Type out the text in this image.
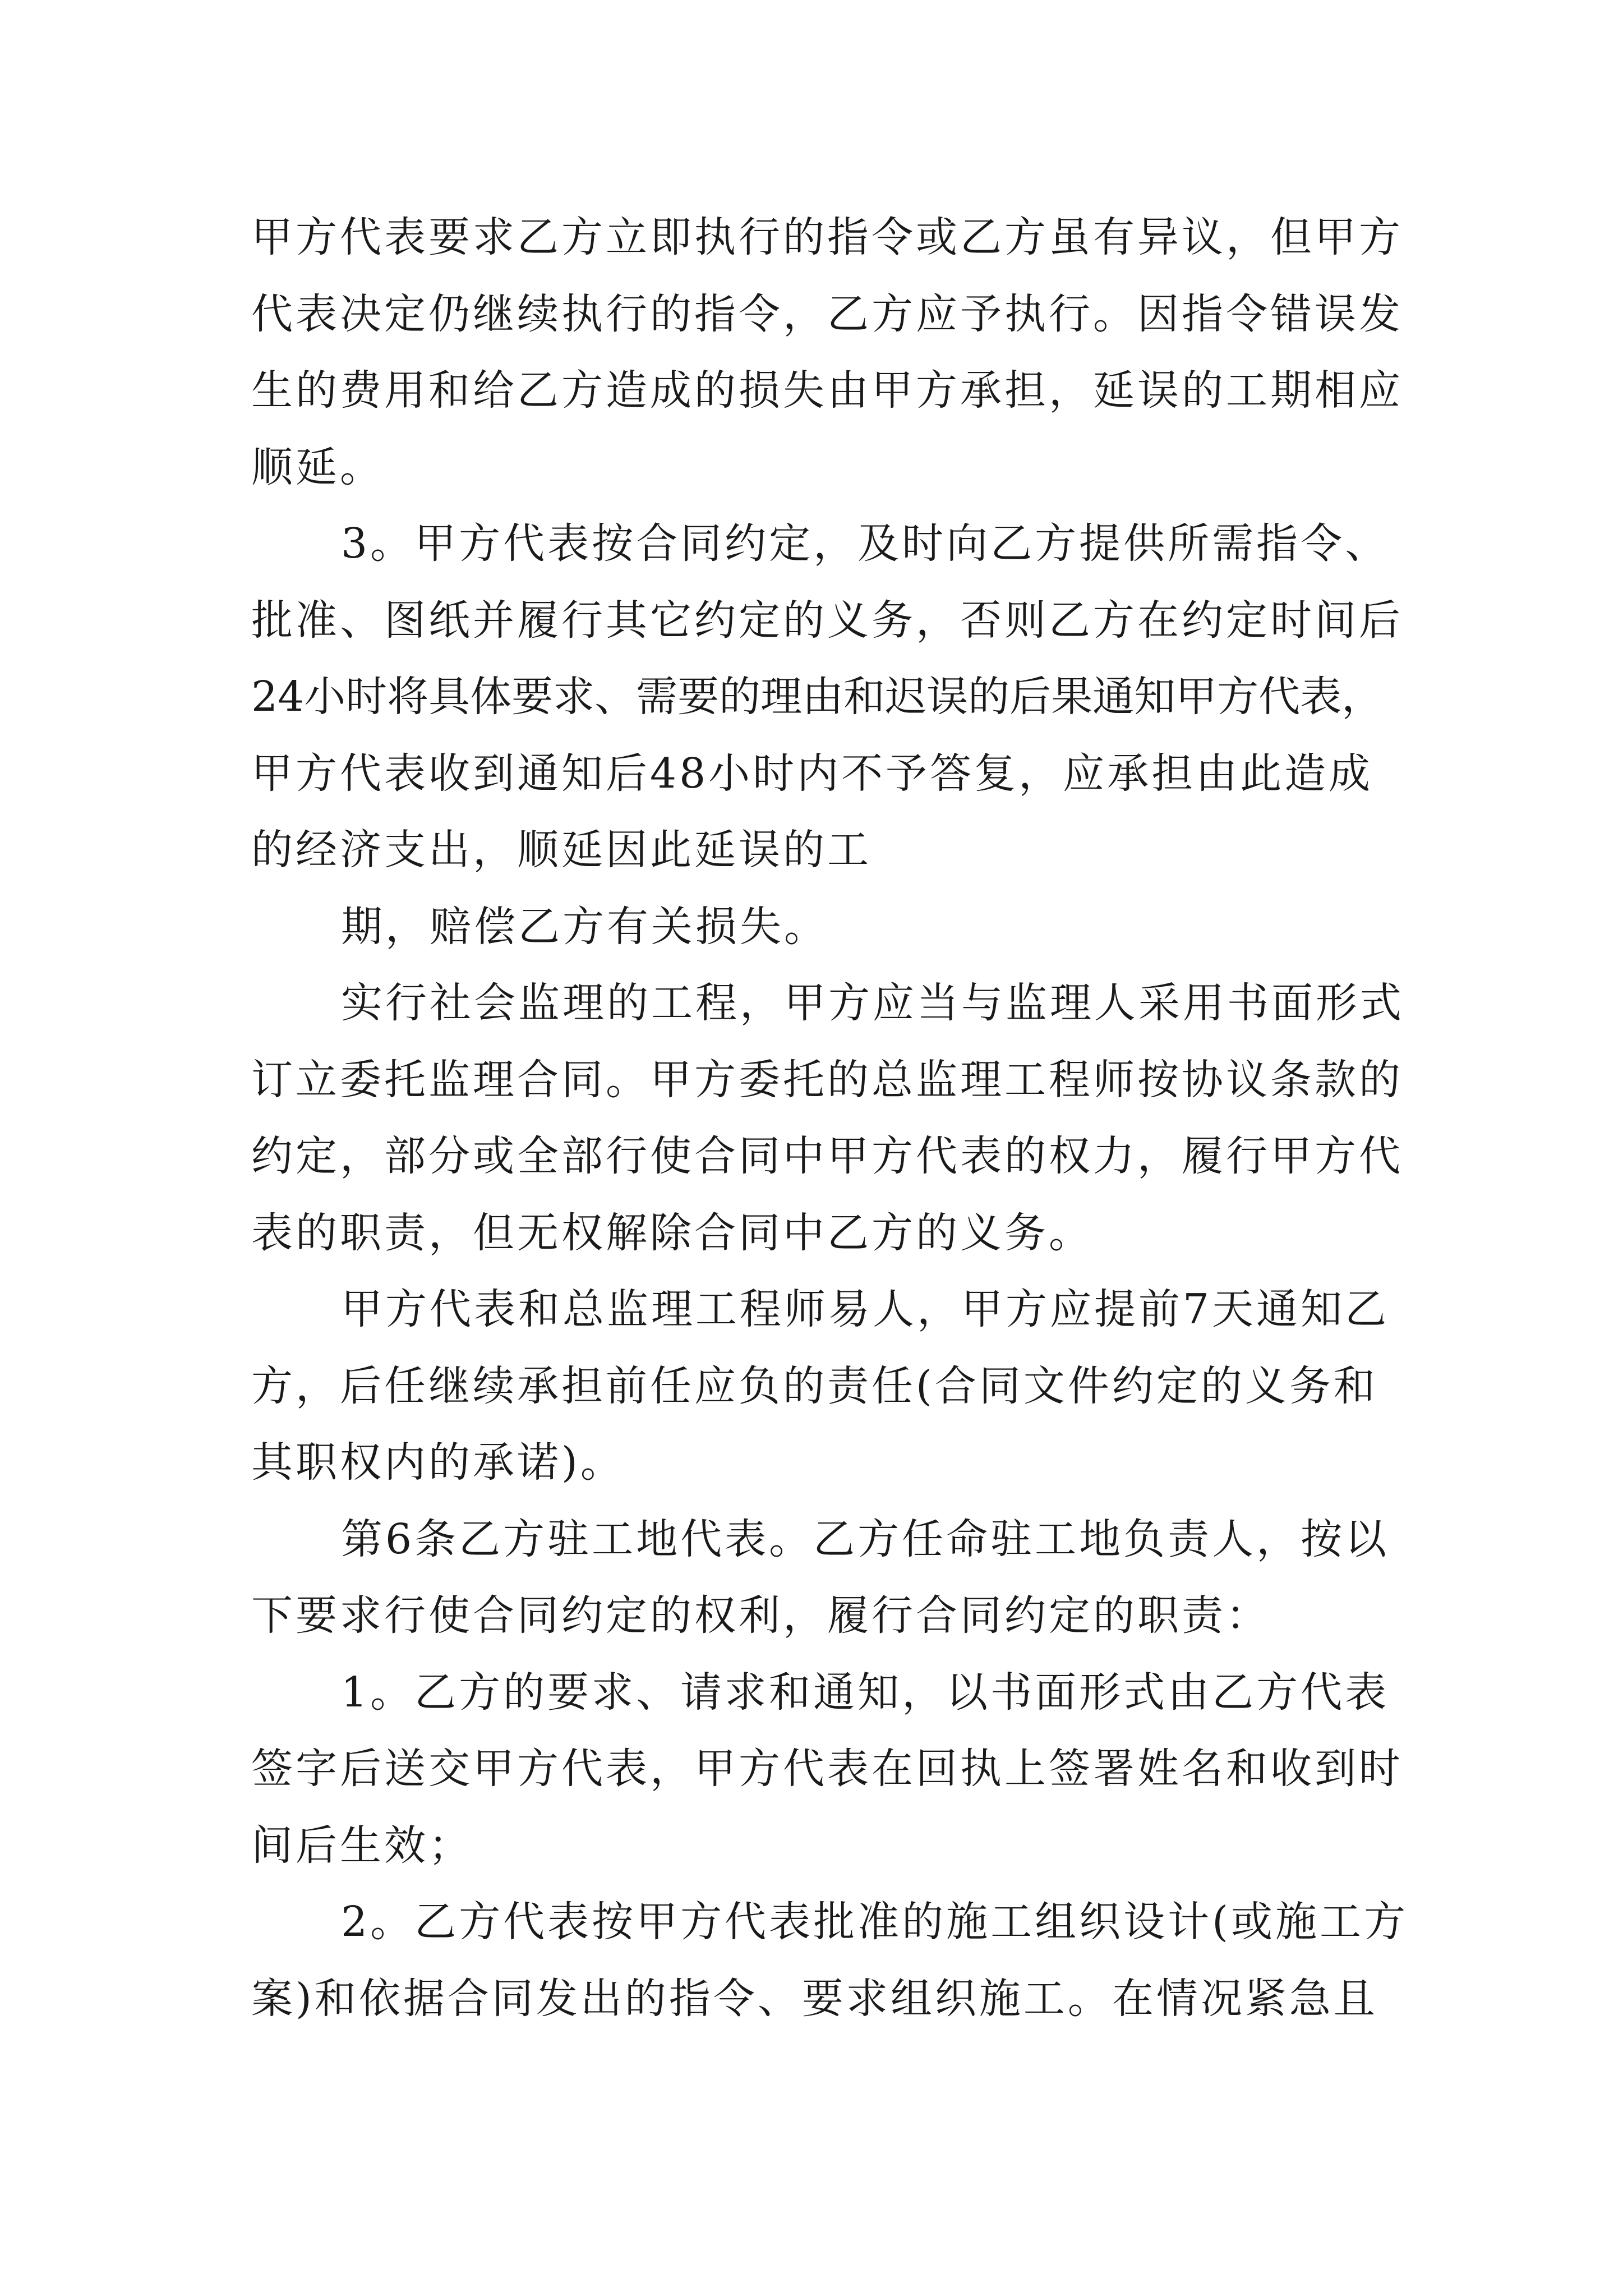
甲方代表要求乙方立即执行的指令或乙方虽有异议，但甲方
代表决定仍继续执行的指令，乙方应予执行。因指令错误发
生的费用和给乙方造成的损失由甲方承担，延误的工期相应
顺延。
3。甲方代表按合同约定，及时向乙方提供所需指令、
批准、图纸并履行其它约定的义务，否则乙方在约定时间后
24小时将具体要求、需要的理由和迟误的后果通知甲方代表，
甲方代表收到通知后48小时内不予答复，应承担由此造成
的经济支出，顺延因此延误的工
期，赔偿乙方有关损失。
实行社会监理的工程，甲方应当与监理人采用书面形式
订立委托监理合同。甲方委托的总监理工程师按协议条款的
约定，部分或全部行使合同中甲方代表的权力，履行甲方代
表的职责，但无权解除合同中乙方的义务。
甲方代表和总监理工程师易人，甲方应提前7天通知乙
方，后任继续承担前任应负的责任(合同文件约定的义务和
其职权内的承诺)。
第6条乙方驻工地代表。乙方任命驻工地负责人，按以
下要求行使合同约定的权利，履行合同约定的职责：
1。乙方的要求、请求和通知，以书面形式由乙方代表
签字后送交甲方代表，甲方代表在回执上签署姓名和收到时
间后生效；
2。乙方代表按甲方代表批准的施工组织设计(或施工方
案)和依据合同发出的指令、要求组织施工。在情况紧急且
